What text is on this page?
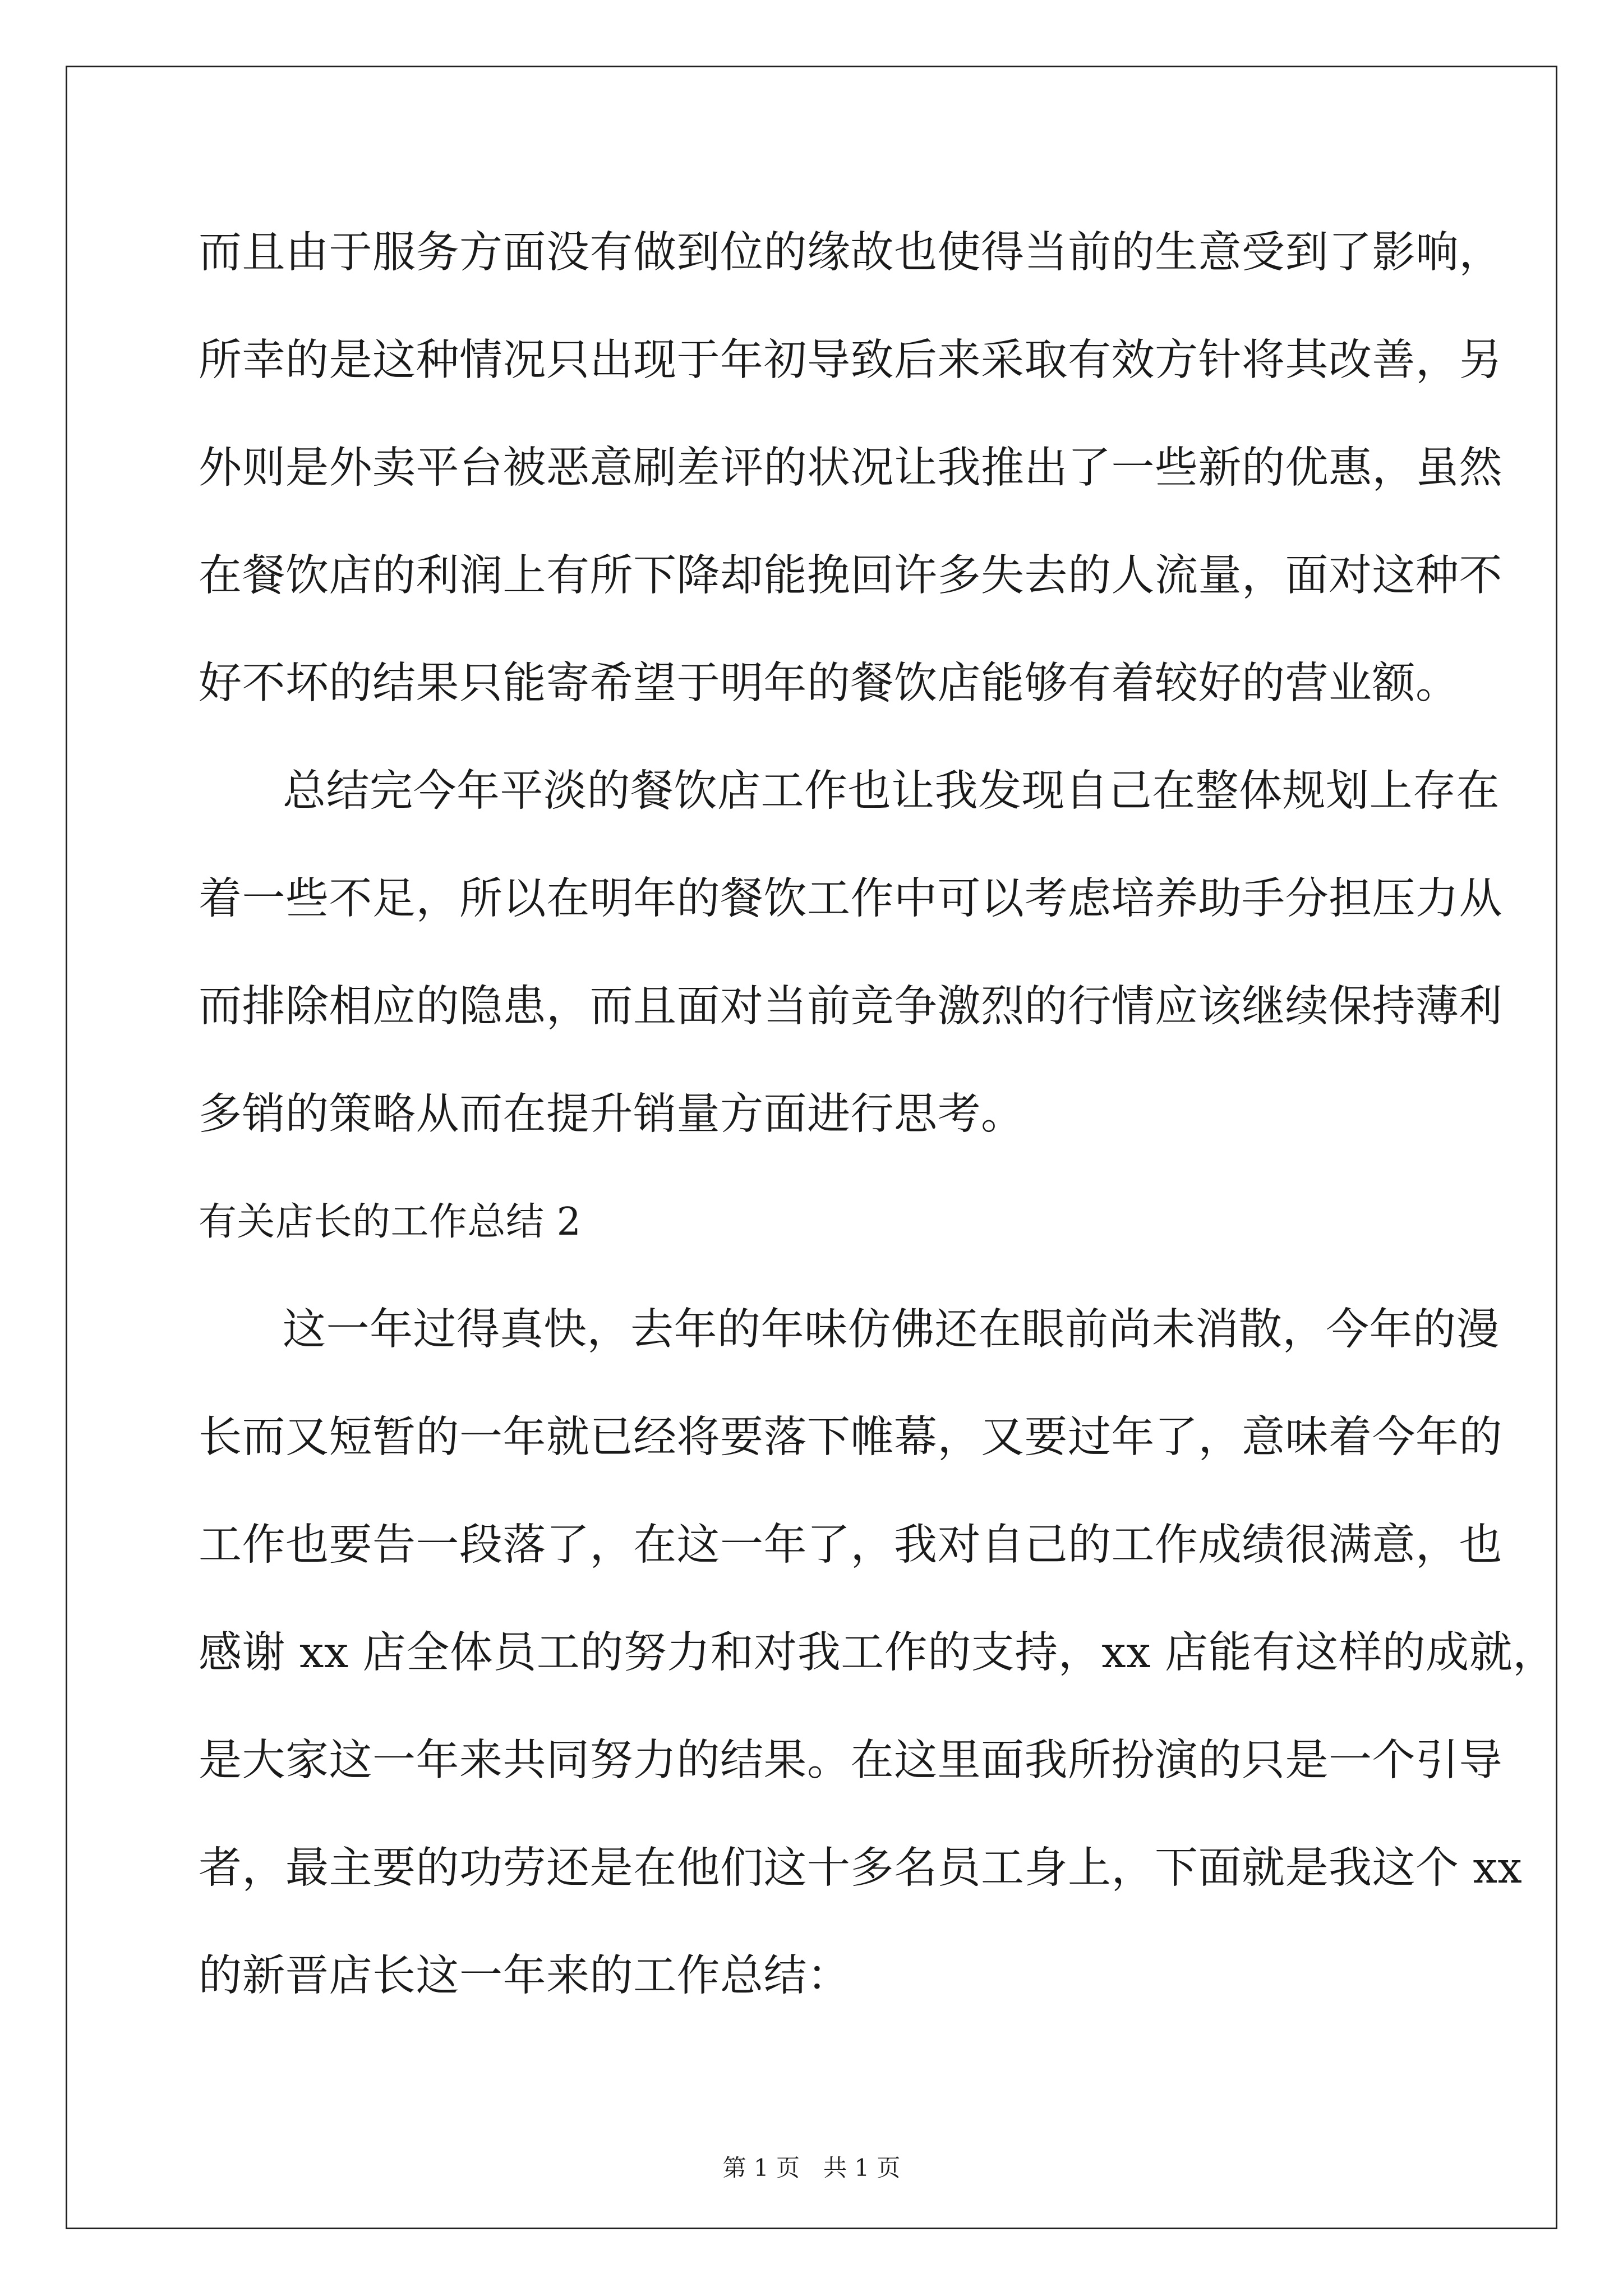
而且由于服务方面没有做到位的缘故也使得当前的生意受到了影响，
所幸的是这种情况只出现于年初导致后来采取有效方针将其改善，另
外则是外卖平台被恶意刷差评的状况让我推出了一些新的优惠，虽然
在餐饮店的利润上有所下降却能挽回许多失去的人流量，面对这种不
好不坏的结果只能寄希望于明年的餐饮店能够有着较好的营业额。
总结完今年平淡的餐饮店工作也让我发现自己在整体规划上存在
着一些不足，所以在明年的餐饮工作中可以考虑培养助手分担压力从
而排除相应的隐患，而且面对当前竞争激烈的行情应该继续保持薄利
多销的策略从而在提升销量方面进行思考。
有关店长的工作总结 2
这一年过得真快，去年的年味仿佛还在眼前尚未消散，今年的漫
长而又短暂的一年就已经将要落下帷幕，又要过年了，意味着今年的
工作也要告一段落了，在这一年了，我对自己的工作成绩很满意，也
感谢 xx 店全体员工的努力和对我工作的支持，xx 店能有这样的成就，
是大家这一年来共同努力的结果。在这里面我所扮演的只是一个引导
者，最主要的功劳还是在他们这十多名员工身上，下面就是我这个 xx
的新晋店长这一年来的工作总结：
第 1 页　共 1 页
